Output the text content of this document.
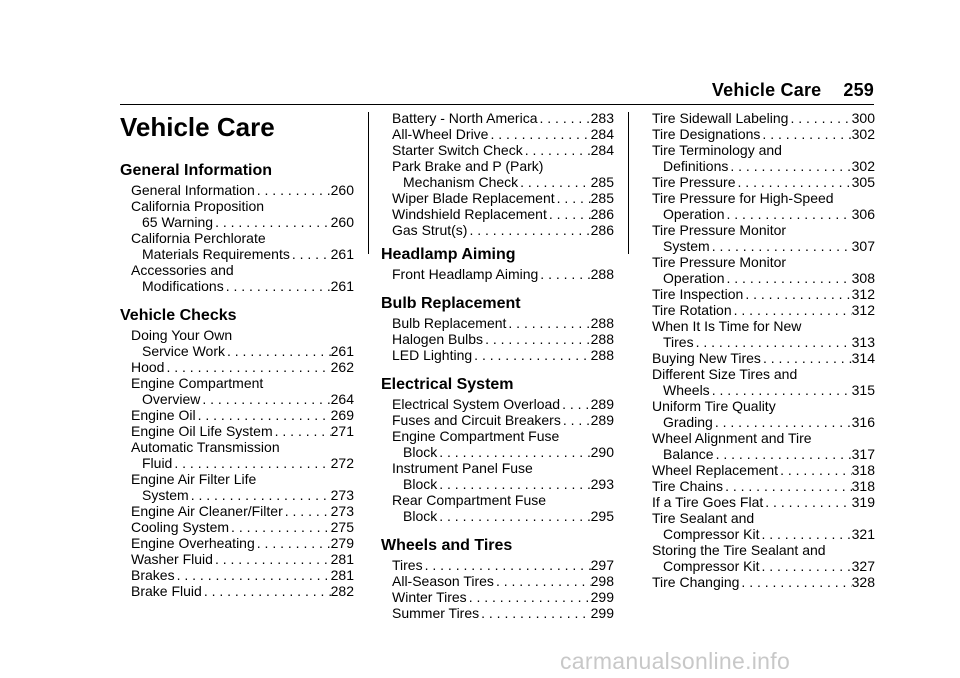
Vehicle Care 259
Vehicle Care
General Information
General Information . . .	260
California Proposition
65 Warning . . .	260
California Perchlorate
Materials Requirements . . .	261
Accessories and
Modifications . . .	261
Vehicle Checks
Doing Your Own
Service Work . . .	261
Hood . . .	262
Engine Compartment
Overview . . .	264
Engine Oil . . .	269
Engine Oil Life System . . .	271
Automatic Transmission
Fluid . . .	272
Engine Air Filter Life
System . . .	273
Engine Air Cleaner/Filter . . .	273
Cooling System . . .	275
Engine Overheating . . .	279
Washer Fluid . . .	281
Brakes . . .	281
Brake Fluid . . .	282
Battery - North America . . .	283
All-Wheel Drive . . .	284
Starter Switch Check . . .	284
Park Brake and P (Park)
Mechanism Check . . .	285
Wiper Blade Replacement . . .	285
Windshield Replacement . . .	286
Gas Strut(s) . . .	286
Headlamp Aiming
Front Headlamp Aiming . . .	288
Bulb Replacement
Bulb Replacement . . .	288
Halogen Bulbs . . .	288
LED Lighting . . .	288
Electrical System
Electrical System Overload . . . 289
Fuses and Circuit Breakers . . . 289
Engine Compartment Fuse
Block . . .	290
Instrument Panel Fuse
Block . . .	293
Rear Compartment Fuse
Block . . .	295
Wheels and Tires
Tires . . .	297
All-Season Tires . . .	298
Winter Tires . . .	299
Summer Tires . . .	299
Tire Sidewall Labeling . . .	300
Tire Designations . . .	302
Tire Terminology and
Definitions . . .	302
Tire Pressure . . .	305
Tire Pressure for High-Speed
Operation . . .	306
Tire Pressure Monitor
System . . .	307
Tire Pressure Monitor
Operation . . .	308
Tire Inspection . . .	312
Tire Rotation . . .	312
When It Is Time for New
Tires . . .	313
Buying New Tires . . .	314
Different Size Tires and
Wheels . . .	315
Uniform Tire Quality
Grading . . .	316
Wheel Alignment and Tire
Balance . . .	317
Wheel Replacement . . .	318
Tire Chains . . .	318
If a Tire Goes Flat . . .	319
Tire Sealant and
Compressor Kit . . .	321
Storing the Tire Sealant and
Compressor Kit . . .	327
Tire Changing . . .	328
carmanualsonline.info
